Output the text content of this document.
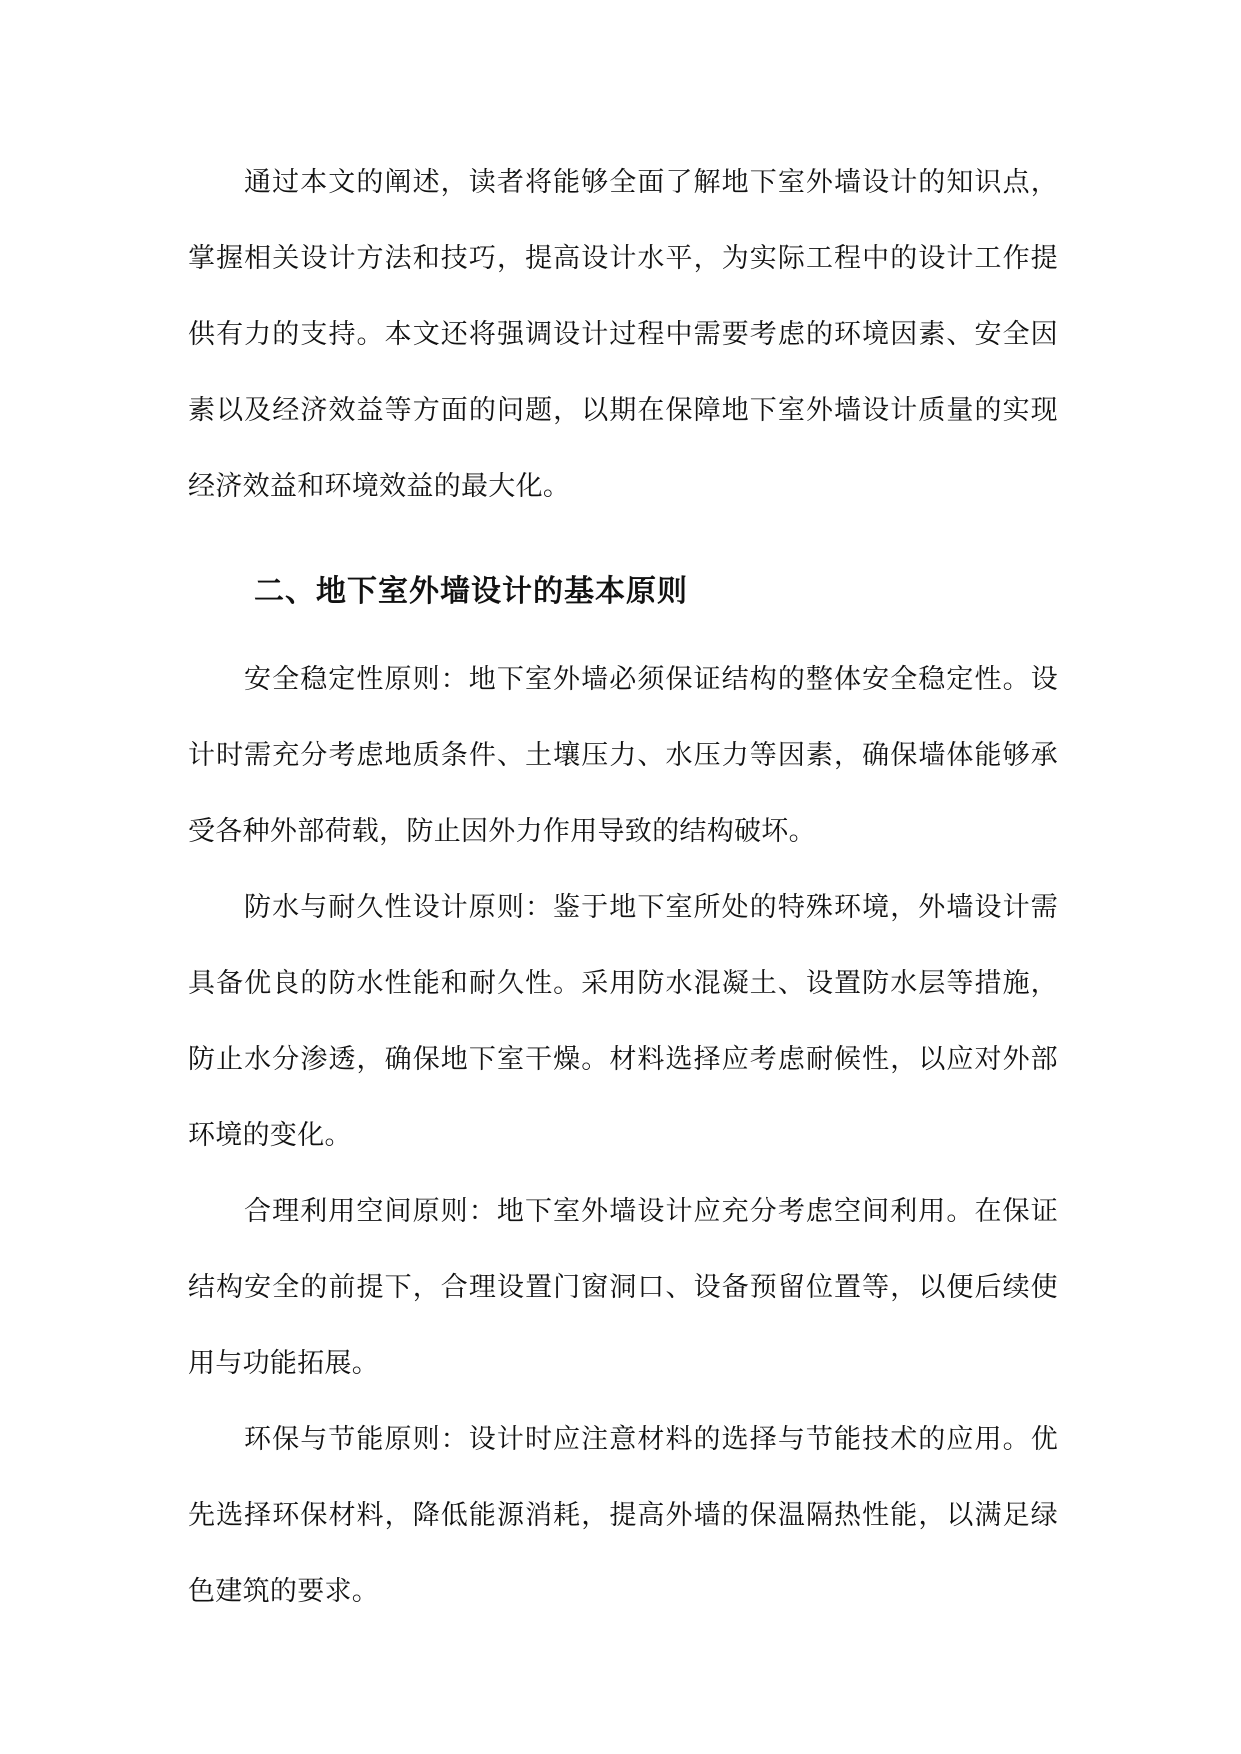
通过本文的阐述，读者将能够全面了解地下室外墙设计的知识点，掌握相关设计方法和技巧，提高设计水平，为实际工程中的设计工作提供有力的支持。本文还将强调设计过程中需要考虑的环境因素、安全因素以及经济效益等方面的问题，以期在保障地下室外墙设计质量的实现经济效益和环境效益的最大化。

二、地下室外墙设计的基本原则

安全稳定性原则：地下室外墙必须保证结构的整体安全稳定性。设计时需充分考虑地质条件、土壤压力、水压力等因素，确保墙体能够承受各种外部荷载，防止因外力作用导致的结构破坏。

防水与耐久性设计原则：鉴于地下室所处的特殊环境，外墙设计需具备优良的防水性能和耐久性。采用防水混凝土、设置防水层等措施，防止水分渗透，确保地下室干燥。材料选择应考虑耐候性，以应对外部环境的变化。

合理利用空间原则：地下室外墙设计应充分考虑空间利用。在保证结构安全的前提下，合理设置门窗洞口、设备预留位置等，以便后续使用与功能拓展。

环保与节能原则：设计时应注意材料的选择与节能技术的应用。优先选择环保材料，降低能源消耗，提高外墙的保温隔热性能，以满足绿色建筑的要求。
